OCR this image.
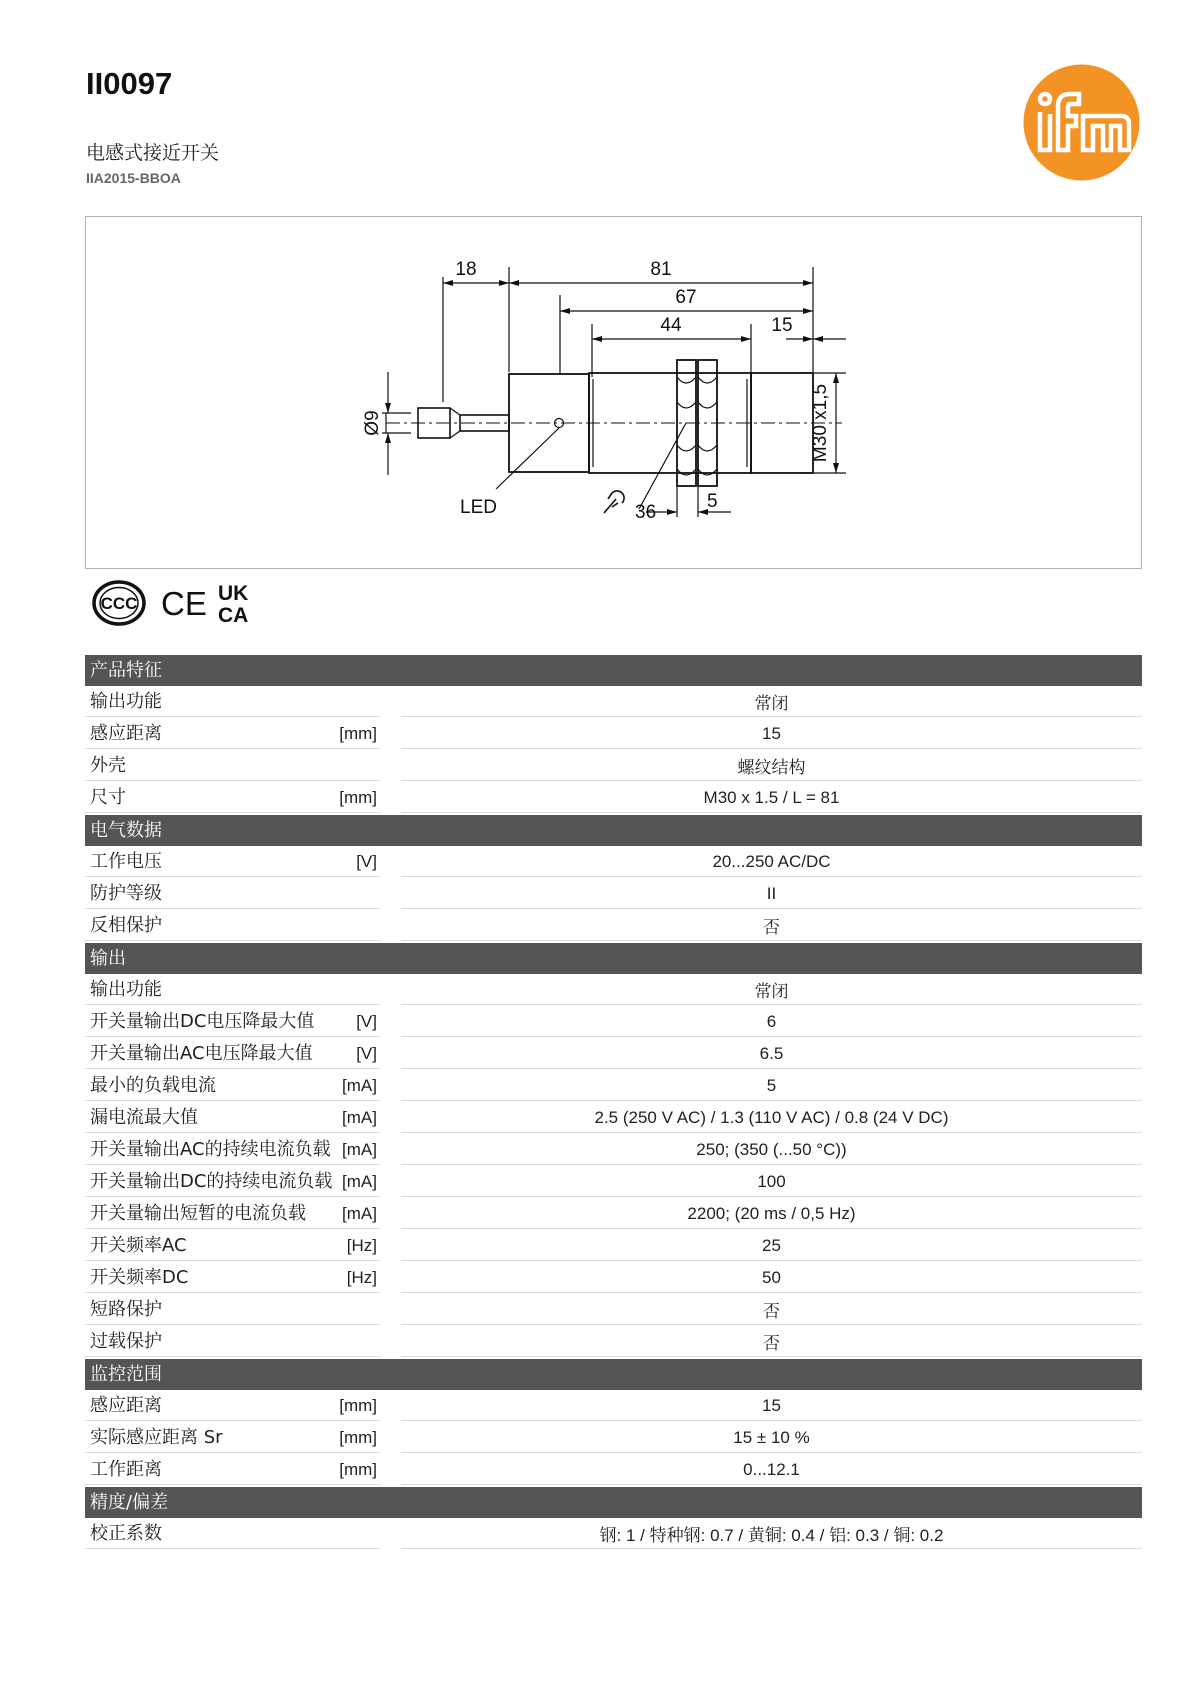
II0097
电感式接近开关
IIA2015-BBOA
18	81
67
44	15
Ø9	M30 x1,5
36
5
LED
CCC CE UK
CA
产品特征
输出功能	常闭
感应距离	[mm]	15
外壳	螺纹结构
尺寸	[mm]	M30 x 1.5 / L = 81
电气数据
工作电压	[V]	20...250 AC/DC
防护等级	II
反相保护	否
输出
输出功能	常闭
开关量输出DC电压降最大值	[V]	6
开关量输出AC电压降最大值	[V]	6.5
最小的负载电流	[mA]	5
漏电流最大值	[mA]	2.5 (250 V AC) / 1.3 (110 V AC) / 0.8 (24 V DC)
开关量输出AC的持续电流负载 [mA]	250; (350 (...50 °C))
开关量输出DC的持续电流负载 [mA]	100
开关量输出短暂的电流负载	[mA]	2200; (20 ms / 0,5 Hz)
开关频率AC	[Hz]	25
开关频率DC	[Hz]	50
短路保护	否
过载保护	否
监控范围
感应距离	[mm]	15
实际感应距离 Sr	[mm]	15 ± 10 %
工作距离	[mm]	0...12.1
精度/偏差
校正系数	钢: 1 / 特种钢: 0.7 / 黄铜: 0.4 / 铝: 0.3 / 铜: 0.2
